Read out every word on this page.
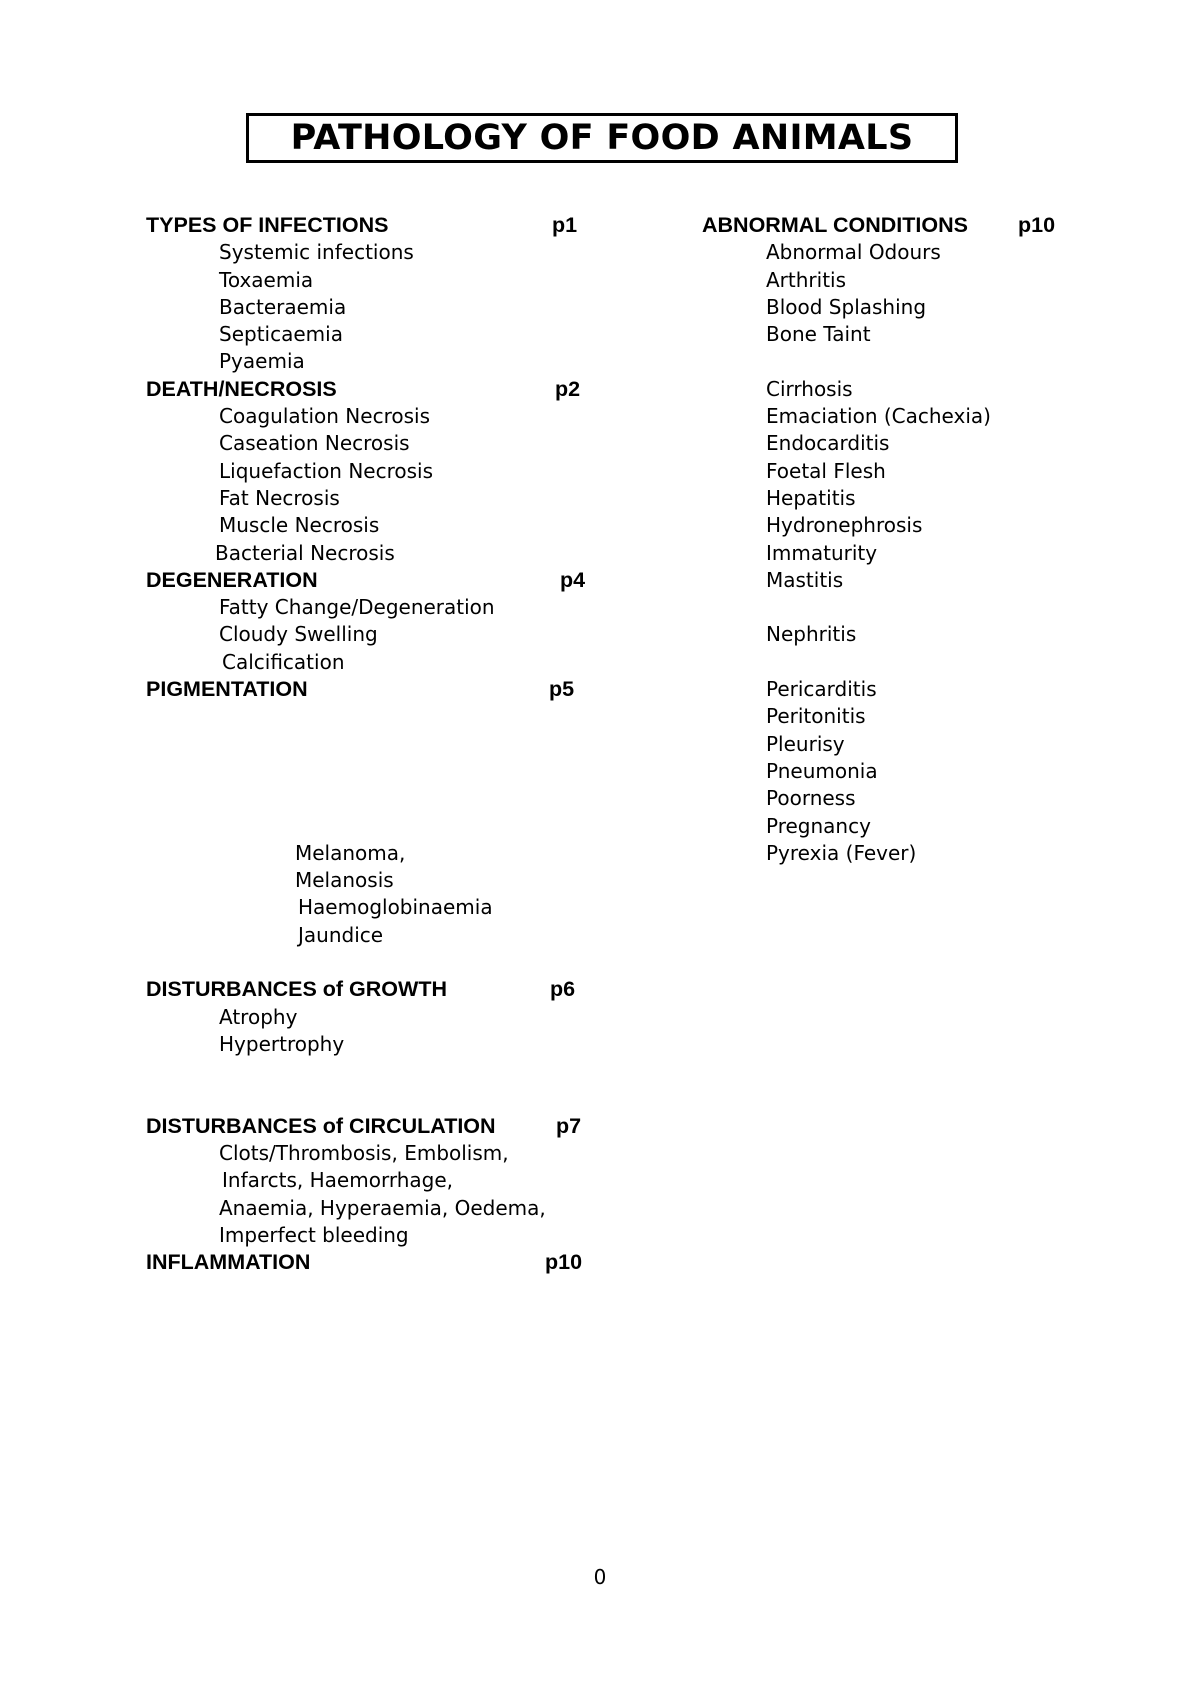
PATHOLOGY OF FOOD ANIMALS
TYPES OF INFECTIONS	p1
Systemic infections
Toxaemia
Bacteraemia
Septicaemia
Pyaemia
DEATH/NECROSIS	p2
Coagulation Necrosis
Caseation Necrosis
Liquefaction Necrosis
Fat Necrosis
Muscle Necrosis
Bacterial Necrosis
DEGENERATION	p4
Fatty Change/Degeneration
Cloudy Swelling
Calcification
PIGMENTATION	p5
Melanoma,
Melanosis
Haemoglobinaemia
Jaundice
DISTURBANCES of GROWTH	p6
Atrophy
Hypertrophy
DISTURBANCES of CIRCULATION	p7
Clots/Thrombosis, Embolism,
Infarcts, Haemorrhage,
Anaemia, Hyperaemia, Oedema,
Imperfect bleeding
INFLAMMATION	p10
ABNORMAL CONDITIONS p10
Abnormal Odours
Arthritis
Blood Splashing
Bone Taint
Cirrhosis
Emaciation (Cachexia)
Endocarditis
Foetal Flesh
Hepatitis
Hydronephrosis
Immaturity
Mastitis
Nephritis
Pericarditis
Peritonitis
Pleurisy
Pneumonia
Poorness
Pregnancy
Pyrexia (Fever)
0
